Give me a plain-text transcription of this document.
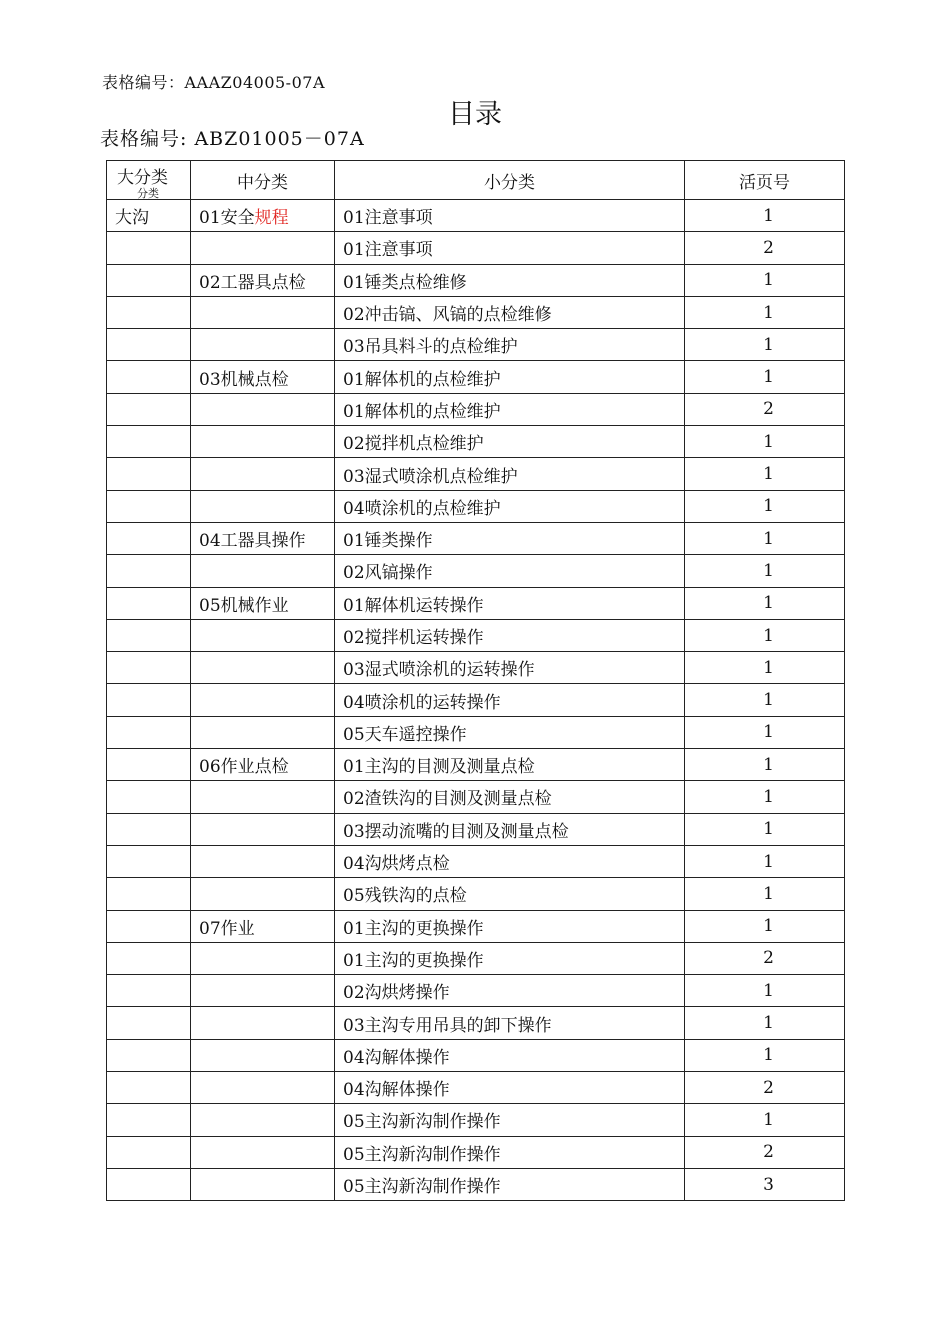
表格编号：AAAZ04005-07A
目录
表格编号: ABZ01005－07A
大分类
分类	中分类	小分类	活页号
大沟	01安全规程	01注意事项	1
		01注意事项	2
	02工器具点检	01锤类点检维修	1
		02冲击镐、风镐的点检维修	1
		03吊具料斗的点检维护	1
	03机械点检	01解体机的点检维护	1
		01解体机的点检维护	2
		02搅拌机点检维护	1
		03湿式喷涂机点检维护	1
		04喷涂机的点检维护	1
	04工器具操作	01锤类操作	1
		02风镐操作	1
	05机械作业	01解体机运转操作	1
		02搅拌机运转操作	1
		03湿式喷涂机的运转操作	1
		04喷涂机的运转操作	1
		05天车遥控操作	1
	06作业点检	01主沟的目测及测量点检	1
		02渣铁沟的目测及测量点检	1
		03摆动流嘴的目测及测量点检	1
		04沟烘烤点检	1
		05残铁沟的点检	1
	07作业	01主沟的更换操作	1
		01主沟的更换操作	2
		02沟烘烤操作	1
		03主沟专用吊具的卸下操作	1
		04沟解体操作	1
		04沟解体操作	2
		05主沟新沟制作操作	1
		05主沟新沟制作操作	2
		05主沟新沟制作操作	3
